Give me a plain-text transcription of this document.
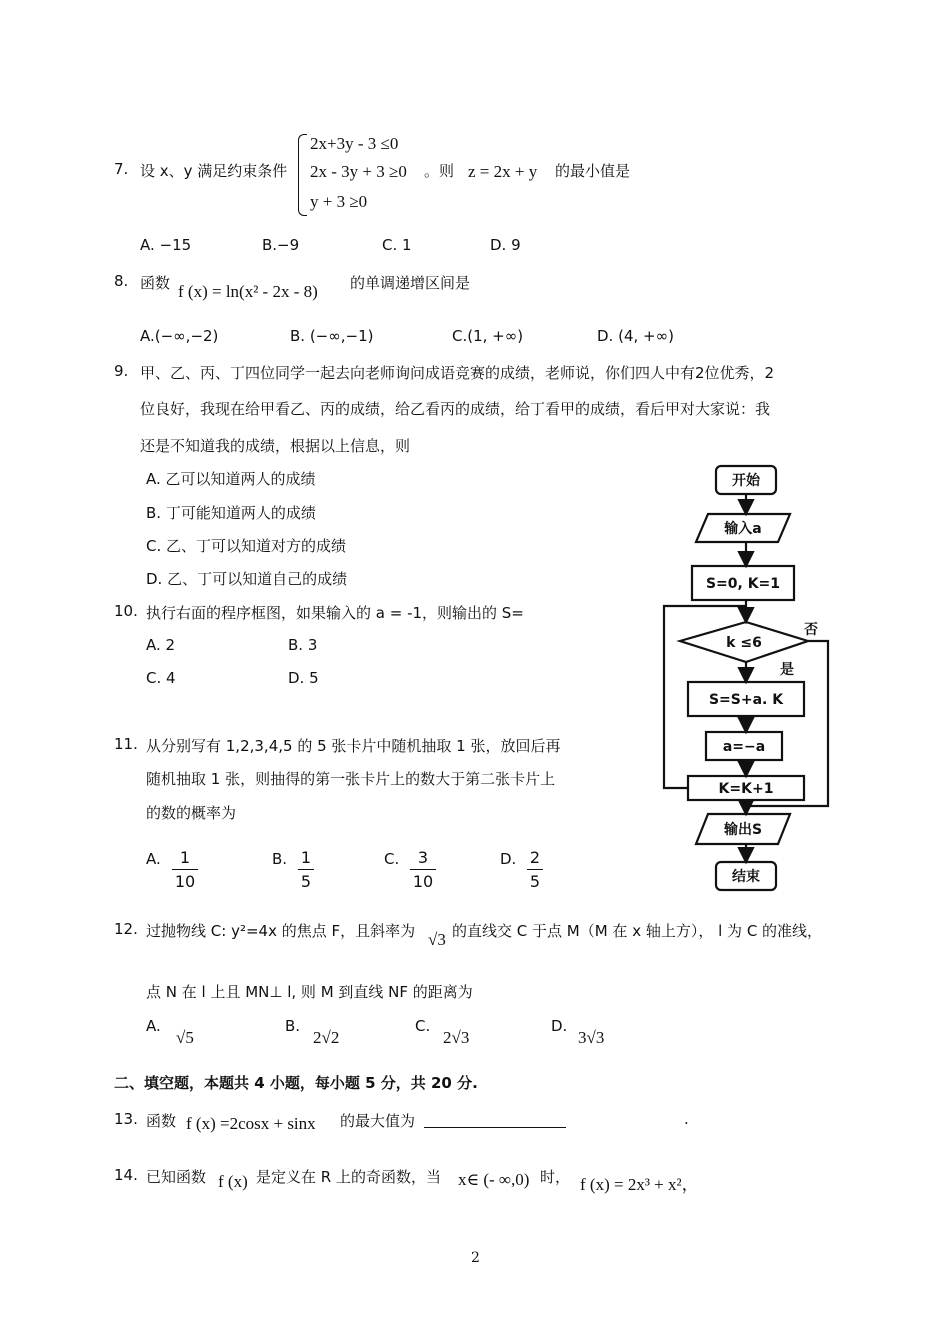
7. 设 x、y 满足约束条件
2x+3y - 3 ≤0
2x - 3y + 3 ≥0
y + 3 ≥0
。则 z = 2x + y 的最小值是
A. −15	B.−9	C. 1	D. 9
8. 函数 f (x) = ln(x² - 2x - 8) 的单调递增区间是
A.(−∞,−2)	B. (−∞,−1)	C.(1, +∞)	D. (4, +∞)
9. 甲、乙、丙、丁四位同学一起去向老师询问成语竞赛的成绩，老师说，你们四人中有2位优秀，2
位良好，我现在给甲看乙、丙的成绩，给乙看丙的成绩，给丁看甲的成绩，看后甲对大家说：我
还是不知道我的成绩，根据以上信息，则
A. 乙可以知道两人的成绩
B. 丁可能知道两人的成绩
C. 乙、丁可以知道对方的成绩
D. 乙、丁可以知道自己的成绩
10. 执行右面的程序框图，如果输入的 a = -1，则输出的 S=
A. 2	B. 3
C. 4	D. 5
开始
输入a
S=0, K=1
k ≤6
否
是
S=S+a. K
a=−a
K=K+1
输出S
结束
11. 从分别写有 1,2,3,4,5 的 5 张卡片中随机抽取 1 张，放回后再
随机抽取 1 张，则抽得的第一张卡片上的数大于第二张卡片上
的数的概率为
A.	1
10
B. 1
5
C.	3
10
D. 2
5
12. 过抛物线 C: y²=4x 的焦点 F，且斜率为 √3 的直线交 C 于点 M（M 在 x 轴上方）， l 为 C 的准线，
点 N 在 l 上且 MN⊥ l, 则 M 到直线 NF 的距离为
A.
√5
B.
2√2
C.
2√3
D.
3√3
二、填空题，本题共 4 小题，每小题 5 分，共 20 分.
13. 函数 f (x) =2cosx + sinx 的最大值为	.
14. 已知函数 f (x) 是定义在 R 上的奇函数，当 x∈ (- ∞,0) 时， f (x) = 2x³ + x²，
2
